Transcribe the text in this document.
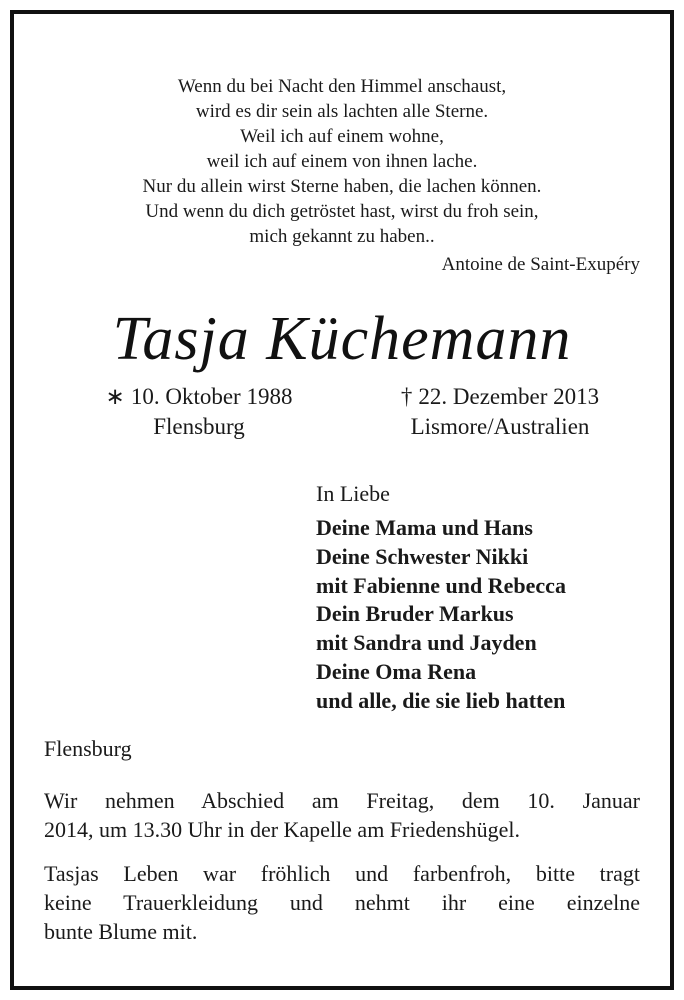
Wenn du bei Nacht den Himmel anschaust,
wird es dir sein als lachten alle Sterne.
Weil ich auf einem wohne,
weil ich auf einem von ihnen lache.
Nur du allein wirst Sterne haben, die lachen können.
Und wenn du dich getröstet hast, wirst du froh sein,
mich gekannt zu haben..
Antoine de Saint-Exupéry
Tasja Küchemann
∗ 10. Oktober 1988
Flensburg
† 22. Dezember 2013
Lismore/Australien
In Liebe
Deine Mama und Hans
Deine Schwester Nikki
mit Fabienne und Rebecca
Dein Bruder Markus
mit Sandra und Jayden
Deine Oma Rena
und alle, die sie lieb hatten
Flensburg
Wir nehmen Abschied am Freitag, dem 10. Januar
2014, um 13.30 Uhr in der Kapelle am Friedenshügel.
Tasjas Leben war fröhlich und farbenfroh, bitte tragt
keine Trauerkleidung und nehmt ihr eine einzelne
bunte Blume mit.
